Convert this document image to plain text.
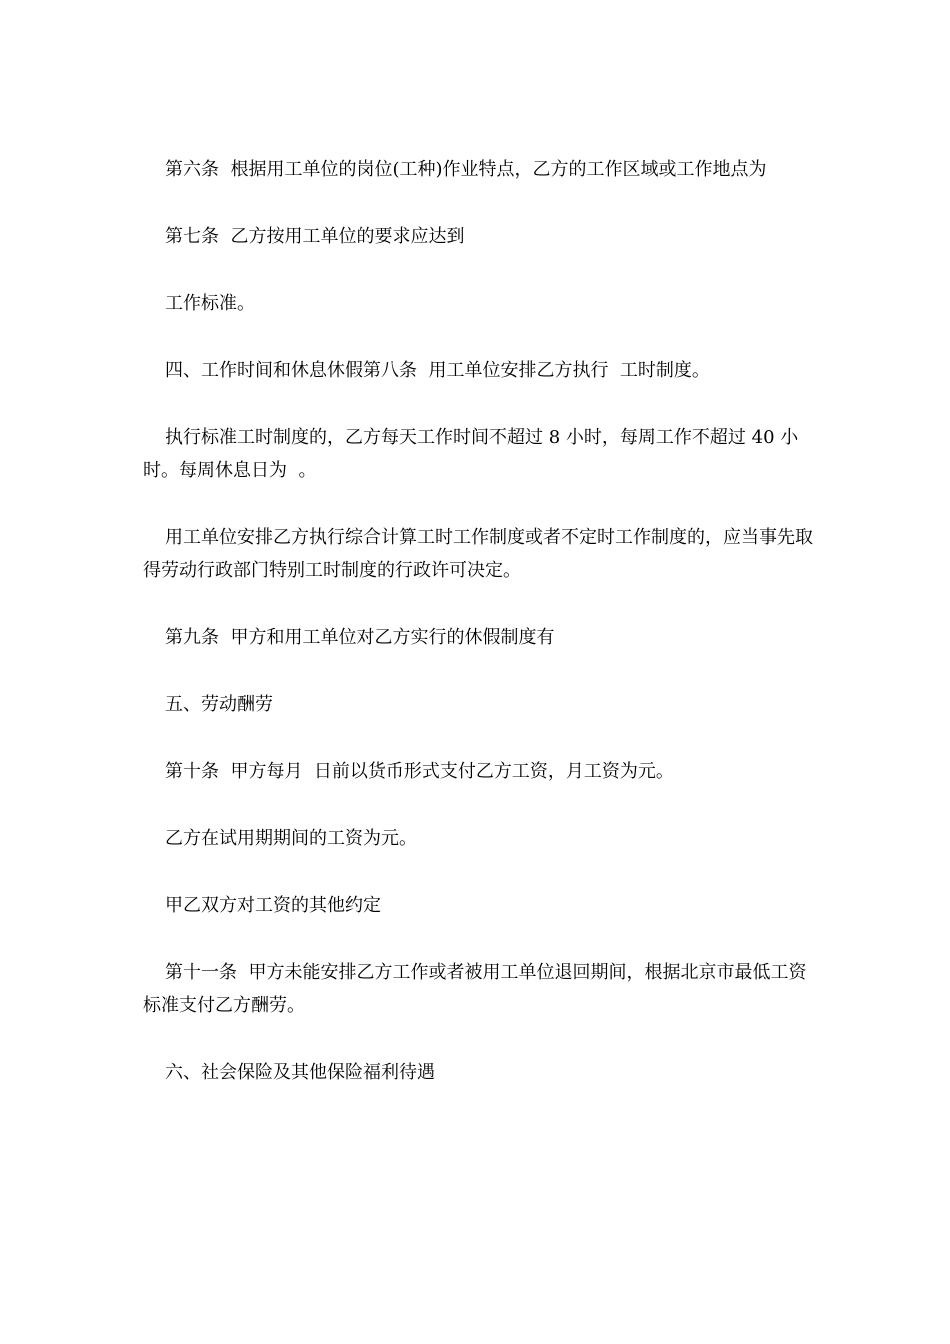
第六条  根据用工单位的岗位(工种)作业特点，乙方的工作区域或工作地点为

第七条  乙方按用工单位的要求应达到

工作标准。

四、工作时间和休息休假第八条  用工单位安排乙方执行  工时制度。

执行标准工时制度的，乙方每天工作时间不超过 8 小时，每周工作不超过 40 小时。每周休息日为  。

用工单位安排乙方执行综合计算工时工作制度或者不定时工作制度的，应当事先取得劳动行政部门特别工时制度的行政许可决定。

第九条  甲方和用工单位对乙方实行的休假制度有

五、劳动酬劳

第十条  甲方每月  日前以货币形式支付乙方工资，月工资为元。

乙方在试用期期间的工资为元。

甲乙双方对工资的其他约定

第十一条  甲方未能安排乙方工作或者被用工单位退回期间，根据北京市最低工资标准支付乙方酬劳。

六、社会保险及其他保险福利待遇
